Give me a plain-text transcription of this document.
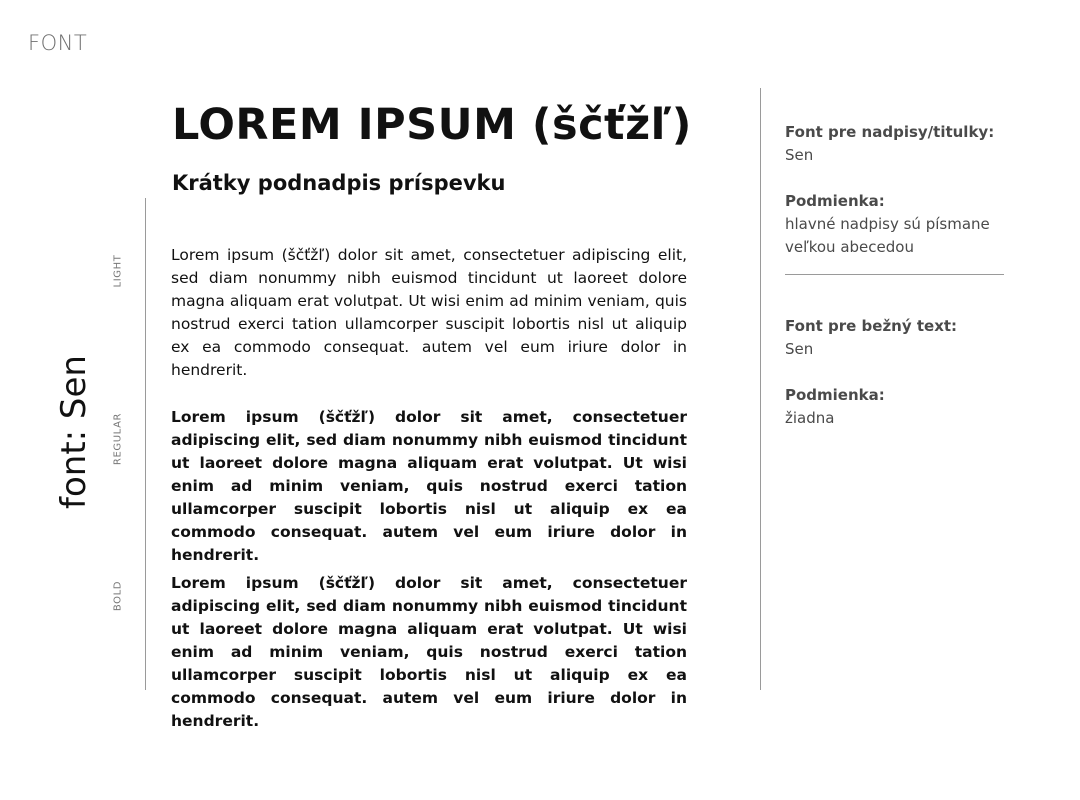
FONT
font: Sen
LIGHT
REGULAR
BOLD
LOREM IPSUM (ščťžľ)
Krátky podnadpis príspevku

Lorem ipsum (ščťžľ) dolor sit amet, consectetuer adipiscing elit, sed diam nonummy nibh euismod tincidunt ut laoreet dolore magna aliquam erat volutpat. Ut wisi enim ad minim veniam, quis nostrud exerci tation ullamcorper suscipit lobortis nisl ut aliquip ex ea commodo consequat. autem vel eum iriure dolor in hendrerit.

Lorem ipsum (ščťžľ) dolor sit amet, consectetuer adipiscing elit, sed diam nonummy nibh euismod tincidunt ut laoreet dolore magna aliquam erat volutpat. Ut wisi enim ad minim veniam, quis nostrud exerci tation ullamcorper suscipit lobortis nisl ut aliquip ex ea commodo consequat. autem vel eum iriure dolor in hendrerit.

Lorem ipsum (ščťžľ) dolor sit amet, consectetuer adipiscing elit, sed diam nonummy nibh euismod tincidunt ut laoreet dolore magna aliquam erat volutpat. Ut wisi enim ad minim veniam, quis nostrud exerci tation ullamcorper suscipit lobortis nisl ut aliquip ex ea commodo consequat. autem vel eum iriure dolor in hendrerit.

Font pre nadpisy/titulky:
Sen
Podmienka:
hlavné nadpisy sú písmane veľkou abecedou
Font pre bežný text:
Sen
Podmienka:
žiadna
